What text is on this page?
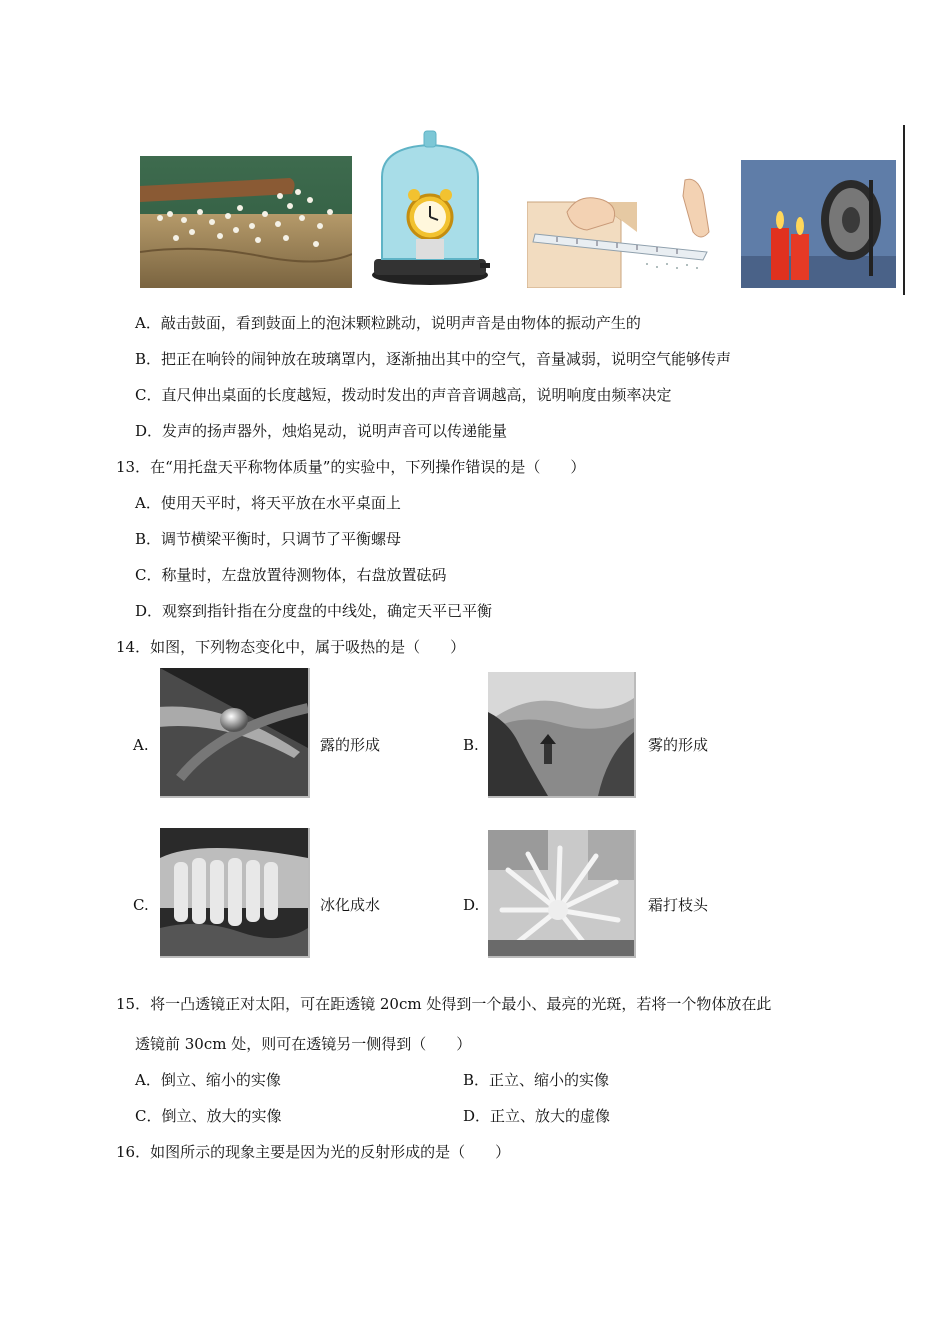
A．敲击鼓面，看到鼓面上的泡沫颗粒跳动，说明声音是由物体的振动产生的
B．把正在响铃的闹钟放在玻璃罩内，逐渐抽出其中的空气，音量减弱，说明空气能够传声
C．直尺伸出桌面的长度越短，拨动时发出的声音音调越高，说明响度由频率决定
D．发声的扬声器外，烛焰晃动，说明声音可以传递能量
13．在“用托盘天平称物体质量”的实验中，下列操作错误的是（　　）
A．使用天平时，将天平放在水平桌面上
B．调节横梁平衡时，只调节了平衡螺母
C．称量时，左盘放置待测物体，右盘放置砝码
D．观察到指针指在分度盘的中线处，确定天平已平衡
14．如图，下列物态变化中，属于吸热的是（　　）
A.	露的形成	B.	雾的形成
C.	冰化成水	D.	霜打枝头
15．将一凸透镜正对太阳，可在距透镜 20cm 处得到一个最小、最亮的光斑，若将一个物体放在此
透镜前 30cm 处，则可在透镜另一侧得到（　　）
A．倒立、缩小的实像	B．正立、缩小的实像
C．倒立、放大的实像	D．正立、放大的虚像
16．如图所示的现象主要是因为光的反射形成的是（　　）
